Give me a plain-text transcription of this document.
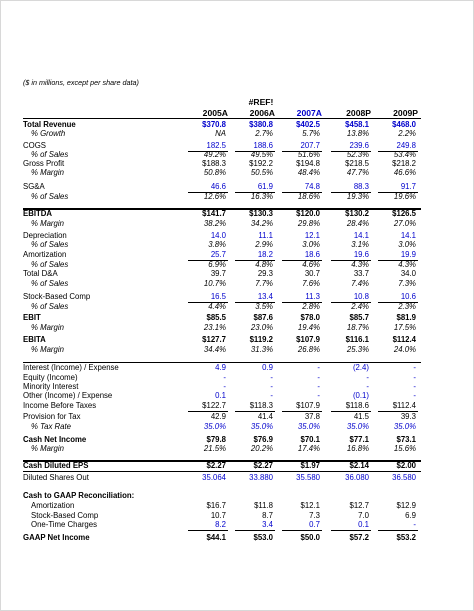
($ in millions, except per share data)
#REF!
2005A	2006A	2007A	2008P	2009P
Total Revenue	$370.8	$380.8	$402.5	$458.1	$468.0
% Growth	NA	2.7%	5.7%	13.8%	2.2%
COGS	182.5	188.6	207.7	239.6	249.8
% of Sales	49.2%	49.5%	51.6%	52.3%	53.4%
Gross Profit	$188.3	$192.2	$194.8	$218.5	$218.2
% Margin	50.8%	50.5%	48.4%	47.7%	46.6%
SG&A	46.6	61.9	74.8	88.3	91.7
% of Sales	12.6%	16.3%	18.6%	19.3%	19.6%
EBITDA	$141.7	$130.3	$120.0	$130.2	$126.5
% Margin	38.2%	34.2%	29.8%	28.4%	27.0%
Depreciation	14.0	11.1	12.1	14.1	14.1
% of Sales	3.8%	2.9%	3.0%	3.1%	3.0%
Amortization	25.7	18.2	18.6	19.6	19.9
% of Sales	6.9%	4.8%	4.6%	4.3%	4.3%
Total D&A	39.7	29.3	30.7	33.7	34.0
% of Sales	10.7%	7.7%	7.6%	7.4%	7.3%
Stock-Based Comp	16.5	13.4	11.3	10.8	10.6
% of Sales	4.4%	3.5%	2.8%	2.4%	2.3%
EBIT	$85.5	$87.6	$78.0	$85.7	$81.9
% Margin	23.1%	23.0%	19.4%	18.7%	17.5%
EBITA	$127.7	$119.2	$107.9	$116.1	$112.4
% Margin	34.4%	31.3%	26.8%	25.3%	24.0%
Interest (Income) / Expense	4.9	0.9	-	(2.4)	-
Equity (Income)	-	-	-	-	-
Minority Interest	-	-	-	-	-
Other (Income) / Expense	0.1	-	-	(0.1)	-
Income Before Taxes	$122.7	$118.3	$107.9	$118.6	$112.4
Provision for Tax	42.9	41.4	37.8	41.5	39.3
% Tax Rate	35.0%	35.0%	35.0%	35.0%	35.0%
Cash Net Income	$79.8	$76.9	$70.1	$77.1	$73.1
% Margin	21.5%	20.2%	17.4%	16.8%	15.6%
Cash Diluted EPS	$2.27	$2.27	$1.97	$2.14	$2.00
Diluted Shares Out	35.064	33.880	35.580	36.080	36.580
Cash to GAAP Reconciliation:
Amortization	$16.7	$11.8	$12.1	$12.7	$12.9
Stock-Based Comp	10.7	8.7	7.3	7.0	6.9
One-Time Charges	8.2	3.4	0.7	0.1	-
GAAP Net Income	$44.1	$53.0	$50.0	$57.2	$53.2
